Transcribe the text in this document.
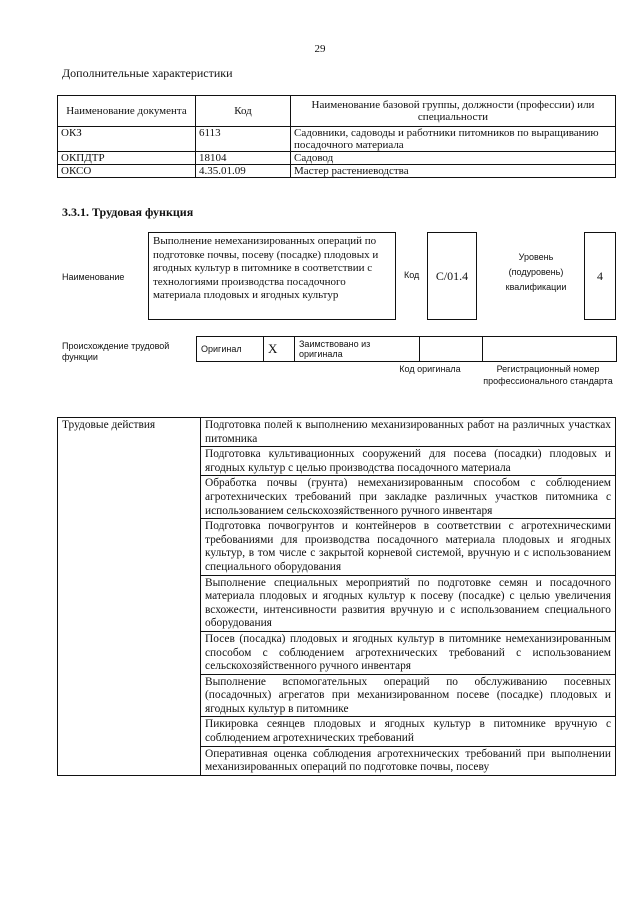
29
Дополнительные характеристики
Наименование документа	Код	Наименование базовой группы, должности (профессии) или специальности
ОКЗ	6113	Садовники, садоводы и работники питомников по выращиванию посадочного материала
ОКПДТР	18104	Садовод
ОКСО	4.35.01.09	Мастер растениеводства
3.3.1. Трудовая функция
Наименование
Выполнение немеханизированных операций по подготовке почвы, посеву (посадке) плодовых и ягодных культур в питомнике в соответствии с технологиями производства посадочного материала плодовых и ягодных культур
Код	C/01.4
Уровень (подуровень) квалификации
4
Происхождение трудовой функции
Оригинал	X	Заимствовано из оригинала		
Код оригинала	Регистрационный номер профессионального стандарта
Трудовые действия	Подготовка полей к выполнению механизированных работ на различных участках питомника
Подготовка культивационных сооружений для посева (посадки) плодовых и ягодных культур с целью производства посадочного материала
Обработка почвы (грунта) немеханизированным способом с соблюдением агротехнических требований при закладке различных участков питомника с использованием сельскохозяйственного ручного инвентаря
Подготовка почвогрунтов и контейнеров в соответствии с агротехническими требованиями для производства посадочного материала плодовых и ягодных культур, в том числе с закрытой корневой системой, вручную и с использованием специального оборудования
Выполнение специальных мероприятий по подготовке семян и посадочного материала плодовых и ягодных культур к посеву (посадке) с целью увеличения всхожести, интенсивности развития вручную и с использованием специального оборудования
Посев (посадка) плодовых и ягодных культур в питомнике немеханизированным способом с соблюдением агротехнических требований с использованием сельскохозяйственного ручного инвентаря
Выполнение вспомогательных операций по обслуживанию посевных (посадочных) агрегатов при механизированном посеве (посадке) плодовых и ягодных культур в питомнике
Пикировка сеянцев плодовых и ягодных культур в питомнике вручную с соблюдением агротехнических требований
Оперативная оценка соблюдения агротехнических требований при выполнении механизированных операций по подготовке почвы, посеву
